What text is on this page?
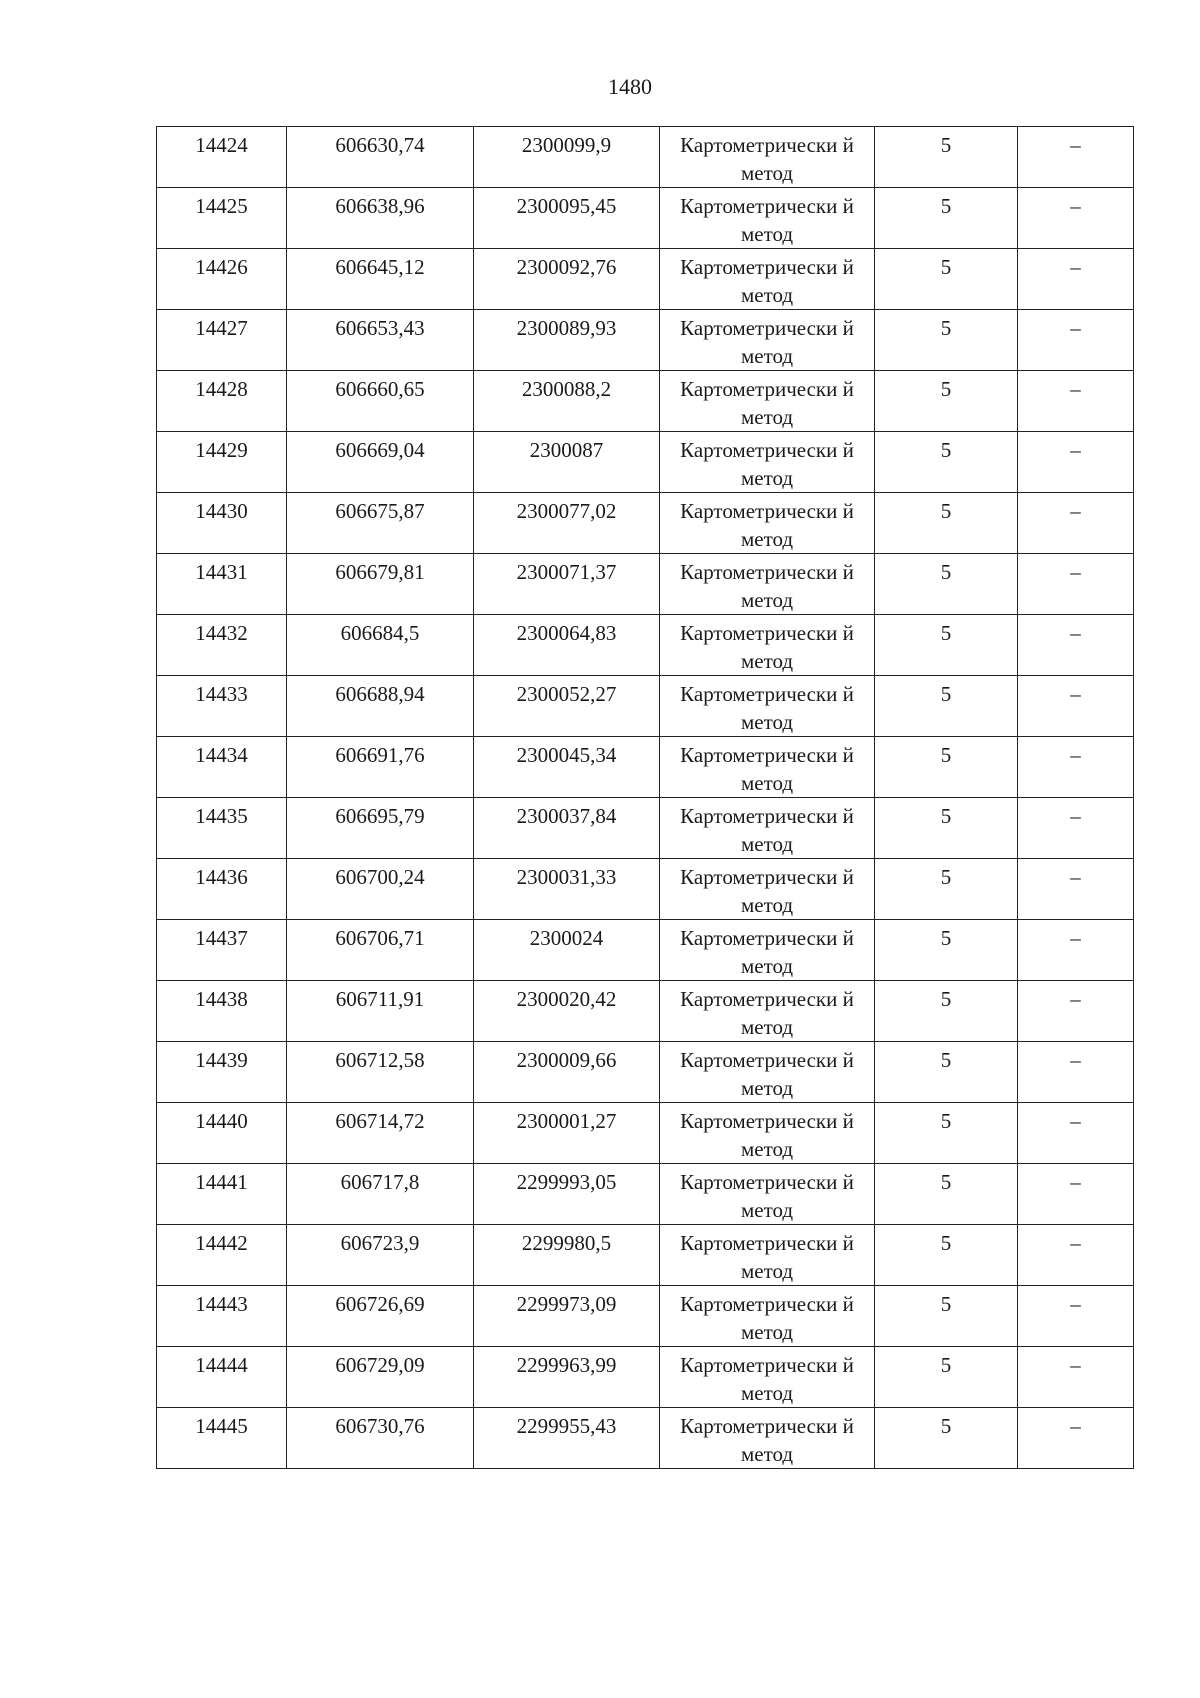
1480
14424	606630,74	2300099,9	Картометрически й метод	5	–
14425	606638,96	2300095,45	Картометрически й метод	5	–
14426	606645,12	2300092,76	Картометрически й метод	5	–
14427	606653,43	2300089,93	Картометрически й метод	5	–
14428	606660,65	2300088,2	Картометрически й метод	5	–
14429	606669,04	2300087	Картометрически й метод	5	–
14430	606675,87	2300077,02	Картометрически й метод	5	–
14431	606679,81	2300071,37	Картометрически й метод	5	–
14432	606684,5	2300064,83	Картометрически й метод	5	–
14433	606688,94	2300052,27	Картометрически й метод	5	–
14434	606691,76	2300045,34	Картометрически й метод	5	–
14435	606695,79	2300037,84	Картометрически й метод	5	–
14436	606700,24	2300031,33	Картометрически й метод	5	–
14437	606706,71	2300024	Картометрически й метод	5	–
14438	606711,91	2300020,42	Картометрически й метод	5	–
14439	606712,58	2300009,66	Картометрически й метод	5	–
14440	606714,72	2300001,27	Картометрически й метод	5	–
14441	606717,8	2299993,05	Картометрически й метод	5	–
14442	606723,9	2299980,5	Картометрически й метод	5	–
14443	606726,69	2299973,09	Картометрически й метод	5	–
14444	606729,09	2299963,99	Картометрически й метод	5	–
14445	606730,76	2299955,43	Картометрически й метод	5	–
